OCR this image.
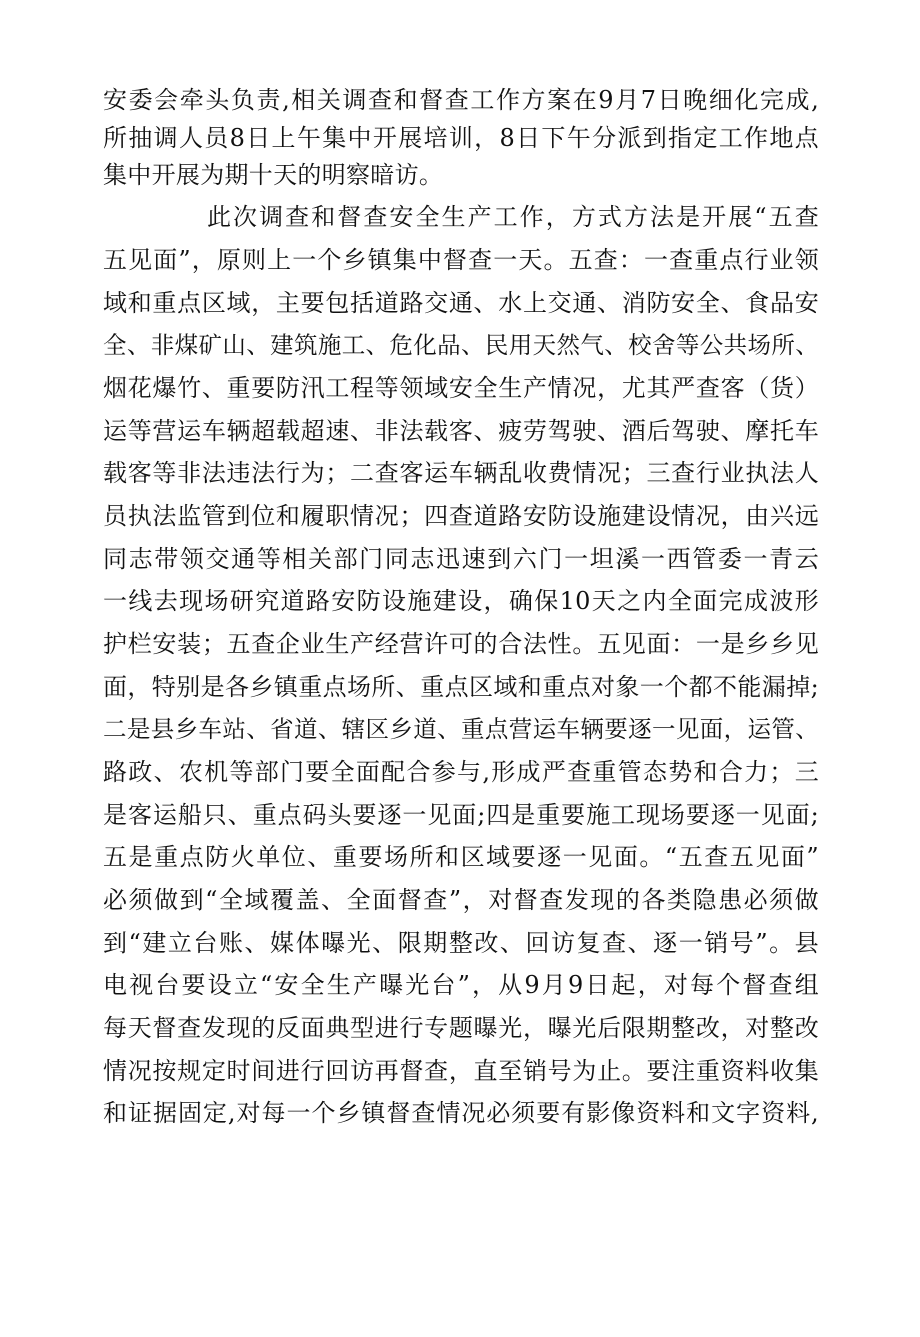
安委会牵头负责,相关调查和督查工作方案在9月7日晚细化完成,
所抽调人员8日上午集中开展培训，8日下午分派到指定工作地点
集中开展为期十天的明察暗访。
此次调查和督查安全生产工作，方式方法是开展“五查
五见面”，原则上一个乡镇集中督查一天。五查：一查重点行业领
域和重点区域，主要包括道路交通、水上交通、消防安全、食品安
全、非煤矿山、建筑施工、危化品、民用天然气、校舍等公共场所、
烟花爆竹、重要防汛工程等领域安全生产情况，尤其严查客（货）
运等营运车辆超载超速、非法载客、疲劳驾驶、酒后驾驶、摩托车
载客等非法违法行为；二查客运车辆乱收费情况；三查行业执法人
员执法监管到位和履职情况；四查道路安防设施建设情况，由兴远
同志带领交通等相关部门同志迅速到六门一坦溪一西管委一青云
一线去现场研究道路安防设施建设，确保10天之内全面完成波形
护栏安装；五查企业生产经营许可的合法性。五见面：一是乡乡见
面，特别是各乡镇重点场所、重点区域和重点对象一个都不能漏掉;
二是县乡车站、省道、辖区乡道、重点营运车辆要逐一见面，运管、
路政、农机等部门要全面配合参与,形成严查重管态势和合力；三
是客运船只、重点码头要逐一见面;四是重要施工现场要逐一见面;
五是重点防火单位、重要场所和区域要逐一见面。“五查五见面”
必须做到“全域覆盖、全面督查”，对督查发现的各类隐患必须做
到“建立台账、媒体曝光、限期整改、回访复查、逐一销号”。县
电视台要设立“安全生产曝光台”，从9月9日起，对每个督查组
每天督查发现的反面典型进行专题曝光，曝光后限期整改，对整改
情况按规定时间进行回访再督查，直至销号为止。要注重资料收集
和证据固定,对每一个乡镇督查情况必须要有影像资料和文字资料,
